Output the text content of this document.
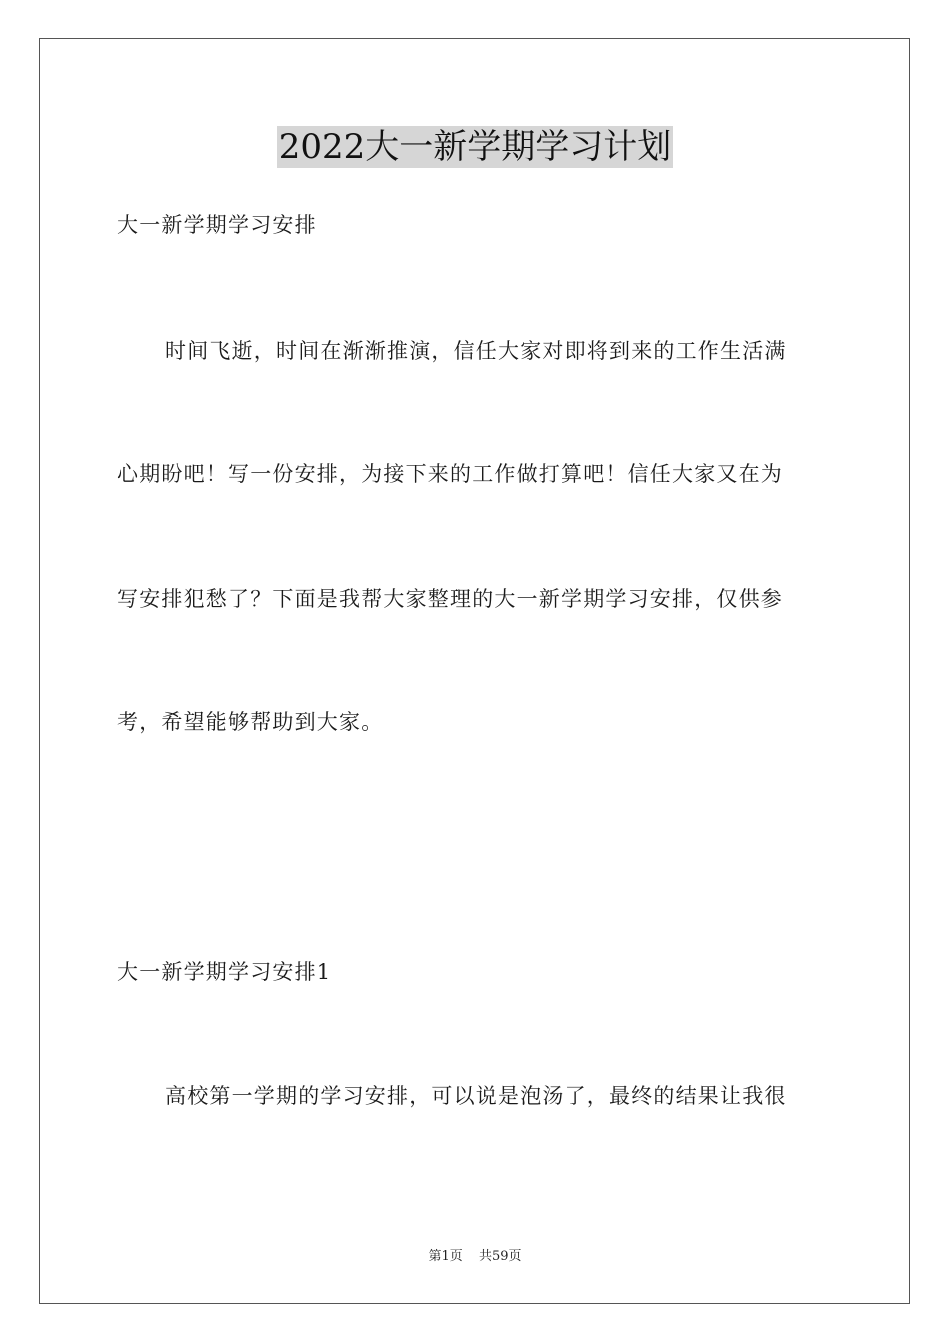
2022大一新学期学习计划
大一新学期学习安排
时间飞逝，时间在渐渐推演，信任大家对即将到来的工作生活满
心期盼吧！写一份安排，为接下来的工作做打算吧！信任大家又在为
写安排犯愁了？下面是我帮大家整理的大一新学期学习安排，仅供参
考，希望能够帮助到大家。
大一新学期学习安排1
高校第一学期的学习安排，可以说是泡汤了，最终的结果让我很
第1页 共59页
